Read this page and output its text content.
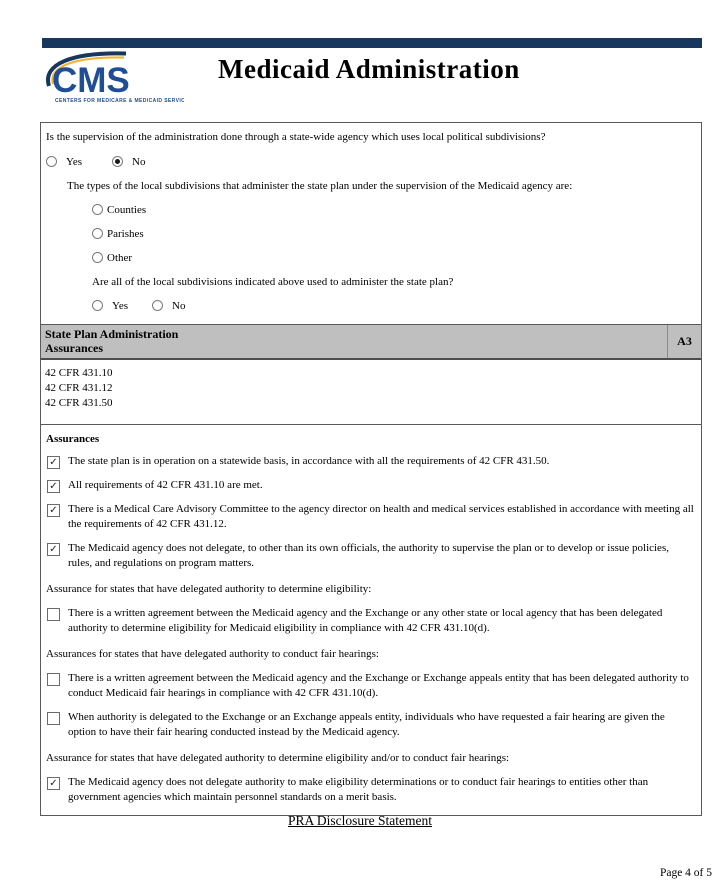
CMS
CENTERS FOR MEDICARE & MEDICAID SERVICES
Medicaid Administration

Is the supervision of the administration done through a state-wide agency which uses local political subdivisions?

Yes	No
The types of the local subdivisions that administer the state plan under the supervision of the Medicaid agency are:
Counties
Parishes
Other
Are all of the local subdivisions indicated above used to administer the state plan?
Yes	No
State Plan Administration
Assurances	A3
42 CFR 431.10
42 CFR 431.12
42 CFR 431.50

Assurances

✓ The state plan is in operation on a statewide basis, in accordance with all the requirements of 42 CFR 431.50.
✓ All requirements of 42 CFR 431.10 are met.
✓ There is a Medical Care Advisory Committee to the agency director on health and medical services established in accordance with meeting all the requirements of 42 CFR 431.12.
✓ The Medicaid agency does not delegate, to other than its own officials, the authority to supervise the plan or to develop or issue policies, rules, and regulations on program matters.
Assurance for states that have delegated authority to determine eligibility:
There is a written agreement between the Medicaid agency and the Exchange or any other state or local agency that has been delegated authority to determine eligibility for Medicaid eligibility in compliance with 42 CFR 431.10(d).
Assurances for states that have delegated authority to conduct fair hearings:
There is a written agreement between the Medicaid agency and the Exchange or Exchange appeals entity that has been delegated authority to conduct Medicaid fair hearings in compliance with 42 CFR 431.10(d).
When authority is delegated to the Exchange or an Exchange appeals entity, individuals who have requested a fair hearing are given the option to have their fair hearing conducted instead by the Medicaid agency.
Assurance for states that have delegated authority to determine eligibility and/or to conduct fair hearings:
✓ The Medicaid agency does not delegate authority to make eligibility determinations or to conduct fair hearings to entities other than government agencies which maintain personnel standards on a merit basis.
PRA Disclosure Statement
Page 4 of 5
